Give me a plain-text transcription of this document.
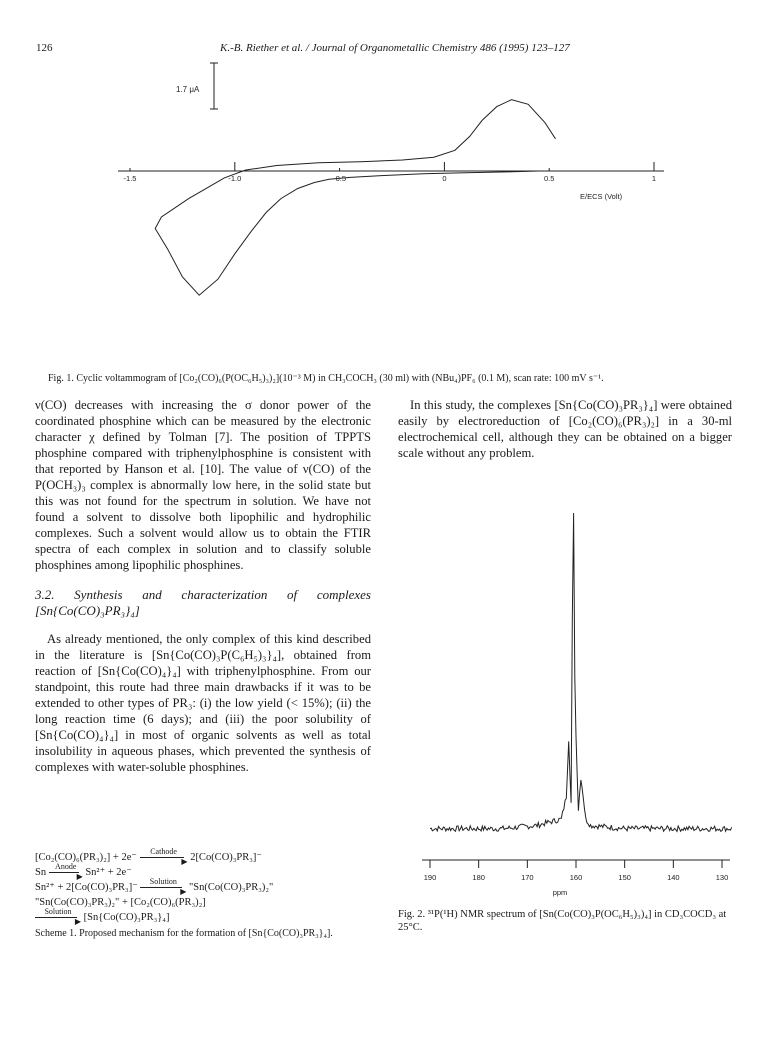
126	K.-B. Riether et al. / Journal of Organometallic Chemistry 486 (1995) 123–127
1.7 μA
-1.5	-1.0	-0.5	0	0.5	1
E/ECS (Volt)
Fig. 1. Cyclic voltammogram of [Co₂(CO)₆(P(OC₆H₅)₃)₂](10⁻³ M) in CH₃COCH₃ (30 ml) with (NBu₄)PF₆ (0.1 M), scan rate: 100 mV s⁻¹.

ν(CO) decreases with increasing the σ donor power of the coordinated phosphine which can be measured by the electronic character χ defined by Tolman [7]. The position of TPPTS phosphine compared with triphenylphosphine is consistent with that reported by Hanson et al. [10]. The value of ν(CO) of the P(OCH₃)₃ complex is abnormally low here, in the solid state but this was not found for the spectrum in solution. We have not found a solvent to dissolve both lipophilic and hydrophilic complexes. Such a solvent would allow us to obtain the FTIR spectra of each complex in solution and to classify soluble phosphines among lipophilic phosphines.

3.2. Synthesis and characterization of complexes [Sn{Co(CO)₃PR₃}₄]

As already mentioned, the only complex of this kind described in the literature is [Sn{Co(CO)₃P(C₆H₅)₃}₄], obtained from reaction of [Sn{Co(CO)₄}₄] with triphenylphosphine. From our standpoint, this route had three main drawbacks if it was to be extended to other types of PR₃: (i) the low yield (< 15%); (ii) the long reaction time (6 days); and (iii) the poor solubility of [Sn{Co(CO)₄}₄] in most of organic solvents as well as total insolubility in aqueous phases, which prevented the synthesis of complexes with water-soluble phosphines.

[Co₂(CO)₆(PR₃)₂] + 2e⁻
Cathode
▶ 2[Co(CO)₃PR₃]⁻
Sn
Anode
▶ Sn²⁺ + 2e⁻
Sn²⁺ + 2[Co(CO)₃PR₃]⁻
Solution
▶ "Sn(Co(CO)₃PR₃)₂"
"Sn(Co(CO)₃PR₃)₂" + [Co₂(CO)₆(PR₃)₂]
Solution
▶ [Sn{Co(CO)₃PR₃}₄]
Scheme 1. Proposed mechanism for the formation of [Sn{Co(CO)₃PR₃}₄].

In this study, the complexes [Sn{Co(CO)₃PR₃}₄] were obtained easily by electroreduction of [Co₂(CO)₆(PR₃)₂] in a 30-ml electrochemical cell, although they can be obtained on a bigger scale without any problem.

190	180	170	160	150	140	130
ppm
Fig. 2. ³¹P(¹H) NMR spectrum of [Sn(Co(CO)₃P(OC₆H₅)₃)₄] in CD₃COCD₃ at 25°C.
